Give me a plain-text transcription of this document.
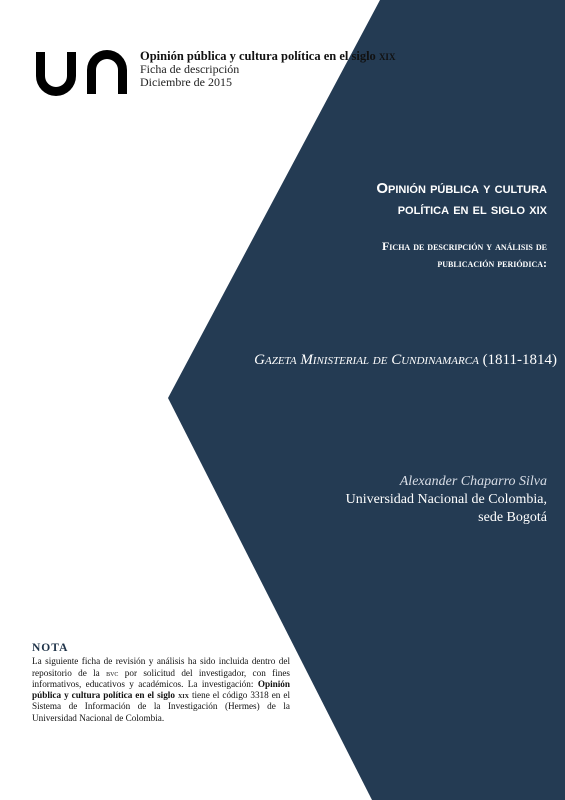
Opinión pública y cultura política en el siglo xix
Ficha de descripción
Diciembre de 2015
Opinión pública y cultura
política en el siglo xix
Ficha de descripción y análisis de
publicación periódica:
Gazeta Ministerial de Cundinamarca (1811-1814)
Alexander Chaparro Silva
Universidad Nacional de Colombia,
sede Bogotá
NOTA

La siguiente ficha de revisión y análisis ha sido incluida dentro del repositorio de la bvc por solicitud del investigador, con fines informativos, educativos y académicos. La investigación: Opinión pública y cultura política en el siglo xix tiene el código 3318 en el Sistema de Información de la Investigación (Hermes) de la Universidad Nacional de Colombia.
